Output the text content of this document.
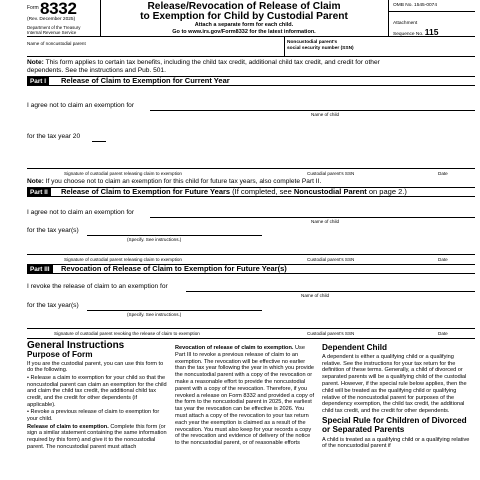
Form 8332
(Rev. December 2025)
Department of the Treasury
Internal Revenue Service
Release/Revocation of Release of Claim
to Exemption for Child by Custodial Parent
Attach a separate form for each child.
Go to www.irs.gov/Form8332 for the latest information.
OMB No. 1545-0074
Attachment
Sequence No. 115
Name of noncustodial parent	Noncustodial parent's
social security number (SSN)
Note: This form applies to certain tax benefits, including the child tax credit, additional child tax credit, and credit for other
dependents. See the instructions and Pub. 501.
Part I	Release of Claim to Exemption for Current Year
I agree not to claim an exemption for
Name of child
for the tax year 20
Signature of custodial parent releasing claim to exemption	Custodial parent's SSN	Date
Note: If you choose not to claim an exemption for this child for future tax years, also complete Part II.
Part II	Release of Claim to Exemption for Future Years (If completed, see Noncustodial Parent on page 2.)
I agree not to claim an exemption for
Name of child
for the tax year(s)
(Specify. See instructions.)
Signature of custodial parent releasing claim to exemption	Custodial parent's SSN	Date
Part III	Revocation of Release of Claim to Exemption for Future Year(s)
I revoke the release of claim to an exemption for
Name of child
for the tax year(s)
(Specify. See instructions.)
Signature of custodial parent revoking the release of claim to exemption	Custodial parent's SSN	Date
General Instructions
Purpose of Form

If you are the custodial parent, you can use this form to do the following.

• Release a claim to exemption for your child so that the noncustodial parent can claim an exemption for the child and claim the child tax credit, the additional child tax credit, and the credit for other dependents (if applicable).

• Revoke a previous release of claim to exemption for your child.

Release of claim to exemption. Complete this form (or sign a similar statement containing the same information required by this form) and give it to the noncustodial parent. The noncustodial parent must attach

Revocation of release of claim to exemption. Use Part III to revoke a previous release of claim to an exemption. The revocation will be effective no earlier than the tax year following the year in which you provide the noncustodial parent with a copy of the revocation or make a reasonable effort to provide the noncustodial parent with a copy of the revocation. Therefore, if you revoked a release on Form 8332 and provided a copy of the form to the noncustodial parent in 2025, the earliest tax year the revocation can be effective is 2026. You must attach a copy of the revocation to your tax return each year the exemption is claimed as a result of the revocation. You must also keep for your records a copy of the revocation and evidence of delivery of the notice to the noncustodial parent, or of reasonable efforts

Dependent Child

A dependent is either a qualifying child or a qualifying relative. See the instructions for your tax return for the definition of these terms. Generally, a child of divorced or separated parents will be a qualifying child of the custodial parent. However, if the special rule below applies, then the child will be treated as the qualifying child or qualifying relative of the noncustodial parent for purposes of the dependency exemption, the child tax credit, the additional child tax credit, and the credit for other dependents.

Special Rule for Children of Divorced or Separated Parents

A child is treated as a qualifying child or a qualifying relative of the noncustodial parent if
